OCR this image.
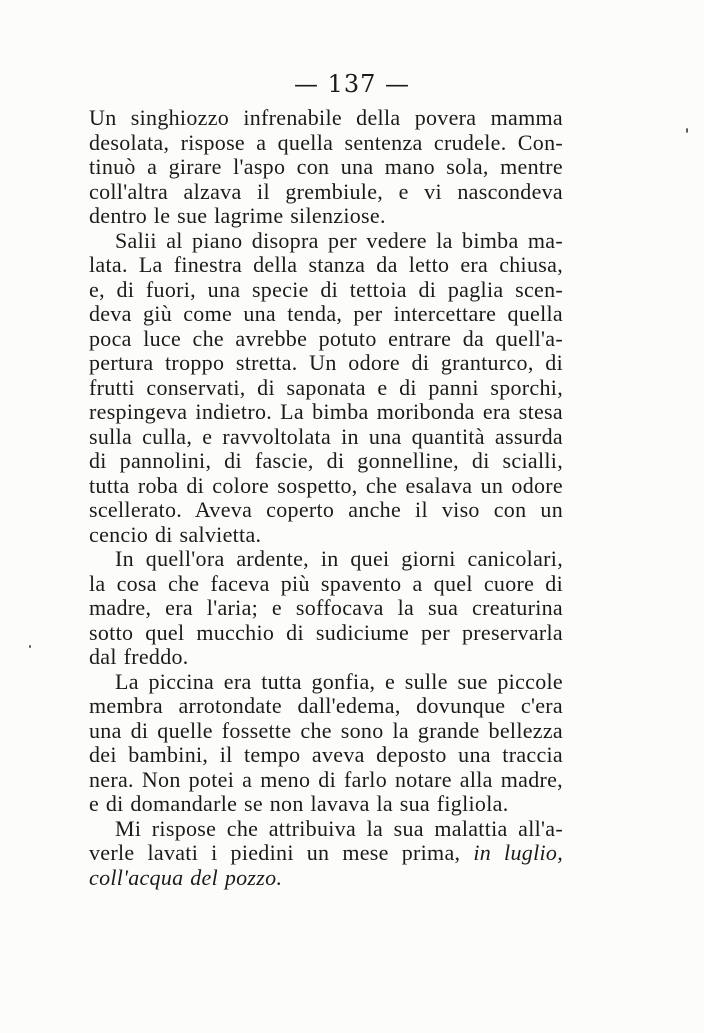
— 137 —
Un singhiozzo infrenabile della povera mamma
desolata, rispose a quella sentenza crudele. Con-
tinuò a girare l'aspo con una mano sola, mentre
coll'altra alzava il grembiule, e vi nascondeva
dentro le sue lagrime silenziose.
Salii al piano disopra per vedere la bimba ma-
lata. La finestra della stanza da letto era chiusa,
e, di fuori, una specie di tettoia di paglia scen-
deva giù come una tenda, per intercettare quella
poca luce che avrebbe potuto entrare da quell'a-
pertura troppo stretta. Un odore di granturco, di
frutti conservati, di saponata e di panni sporchi,
respingeva indietro. La bimba moribonda era stesa
sulla culla, e ravvoltolata in una quantità assurda
di pannolini, di fascie, di gonnelline, di scialli,
tutta roba di colore sospetto, che esalava un odore
scellerato. Aveva coperto anche il viso con un
cencio di salvietta.
In quell'ora ardente, in quei giorni canicolari,
la cosa che faceva più spavento a quel cuore di
madre, era l'aria; e soffocava la sua creaturina
sotto quel mucchio di sudiciume per preservarla
dal freddo.
La piccina era tutta gonfia, e sulle sue piccole
membra arrotondate dall'edema, dovunque c'era
una di quelle fossette che sono la grande bellezza
dei bambini, il tempo aveva deposto una traccia
nera. Non potei a meno di farlo notare alla madre,
e di domandarle se non lavava la sua figliola.
Mi rispose che attribuiva la sua malattia all'a-
verle lavati i piedini un mese prima, in luglio,
coll'acqua del pozzo.
